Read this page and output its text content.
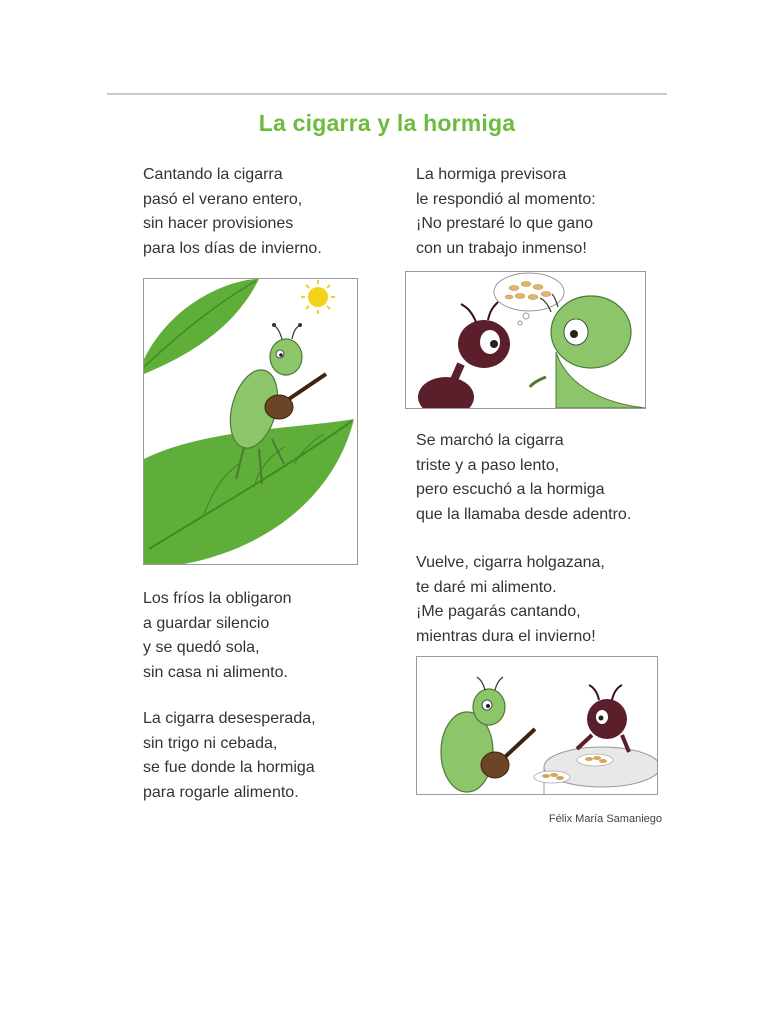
La cigarra y la hormiga
Cantando la cigarra
pasó el verano entero,
sin hacer provisiones
para los días de invierno.
La hormiga previsora
le respondió al momento:
¡No prestaré lo que gano
con un trabajo inmenso!
Se marchó la cigarra
triste y a paso lento,
pero escuchó a la hormiga
que la llamaba desde adentro.
Vuelve, cigarra holgazana,
te daré mi alimento.
¡Me pagarás cantando,
mientras dura el invierno!
Los fríos la obligaron
a guardar silencio
y se quedó sola,
sin casa ni alimento.
La cigarra desesperada,
sin trigo ni cebada,
se fue donde la hormiga
para rogarle alimento.
Félix María Samaniego
